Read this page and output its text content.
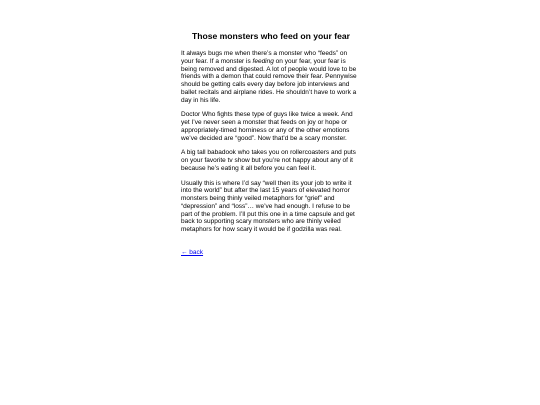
Those monsters who feed on your fear

It always bugs me when there’s a monster who “feeds” on your fear. If a monster is feeding on your fear, your fear is being removed and digested. A lot of people would love to be friends with a demon that could remove their fear. Pennywise should be getting calls every day before job interviews and ballet recitals and airplane rides. He shouldn’t have to work a day in his life.

Doctor Who fights these type of guys like twice a week. And yet I’ve never seen a monster that feeds on joy or hope or appropriately-timed horniness or any of the other emotions we’ve decided are “good”. Now that’d be a scary monster.

A big tall babadook who takes you on rollercoasters and puts on your favorite tv show but you’re not happy about any of it because he’s eating it all before you can feel it.

Usually this is where I’d say “well then its your job to write it into the world” but after the last 15 years of elevated horror monsters being thinly veiled metaphors for “grief” and “depression” and “loss”… we’ve had enough. I refuse to be part of the problem. I’ll put this one in a time capsule and get back to supporting scary monsters who are thinly veiled metaphors for how scary it would be if godzilla was real.

← back
